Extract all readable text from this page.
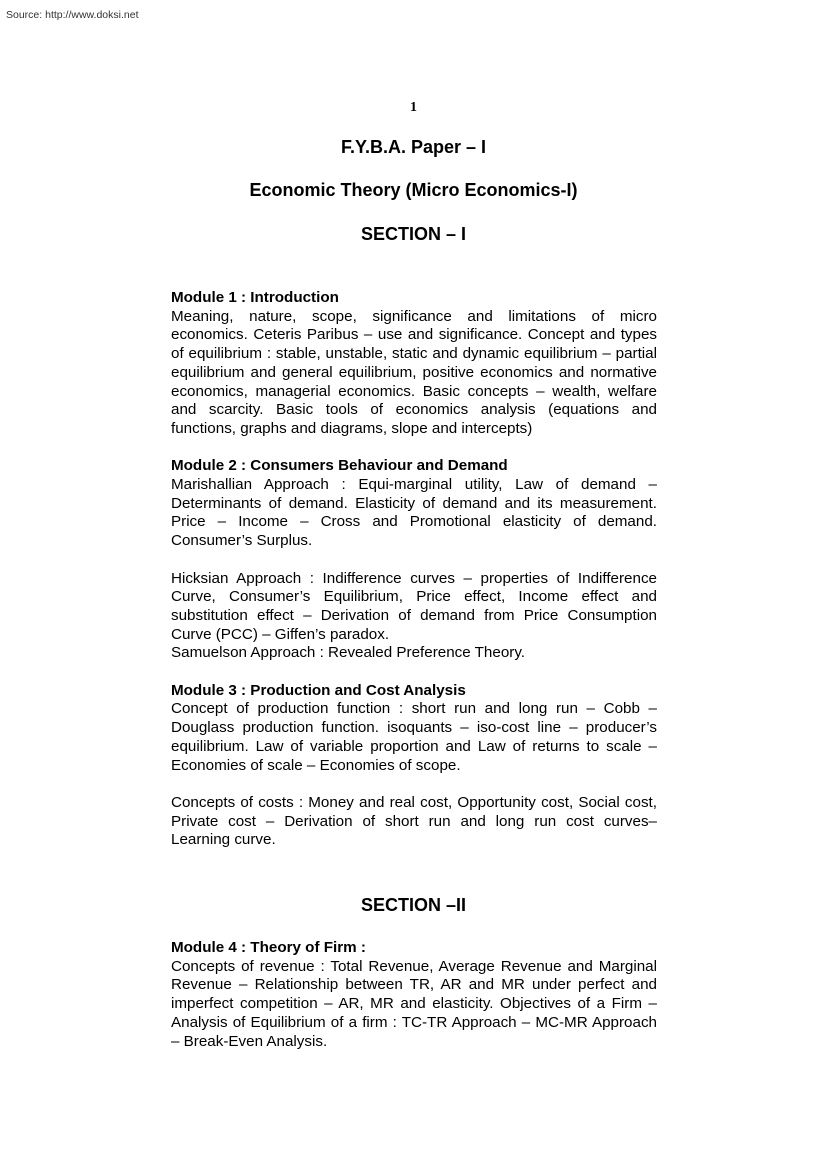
Source: http://www.doksi.net
1
F.Y.B.A. Paper – I
Economic Theory (Micro Economics-I)
SECTION – I

Module 1 : Introduction

Meaning, nature, scope, significance and limitations of micro economics. Ceteris Paribus – use and significance. Concept and types of equilibrium : stable, unstable, static and dynamic equilibrium – partial equilibrium and general equilibrium, positive economics and normative economics, managerial economics. Basic concepts – wealth, welfare and scarcity. Basic tools of economics analysis (equations and functions, graphs and diagrams, slope and intercepts)

Module 2 : Consumers Behaviour and Demand

Marishallian Approach : Equi-marginal utility, Law of demand – Determinants of demand. Elasticity of demand and its measurement. Price – Income – Cross and Promotional elasticity of demand. Consumer’s Surplus.

Hicksian Approach : Indifference curves – properties of Indifference Curve, Consumer’s Equilibrium, Price effect, Income effect and substitution effect – Derivation of demand from Price Consumption Curve (PCC) – Giffen’s paradox.

Samuelson Approach : Revealed Preference Theory.

Module 3 : Production and Cost Analysis

Concept of production function : short run and long run – Cobb – Douglass production function. isoquants – iso-cost line – producer’s equilibrium. Law of variable proportion and Law of returns to scale – Economies of scale – Economies of scope.

Concepts of costs : Money and real cost, Opportunity cost, Social cost, Private cost – Derivation of short run and long run cost curves– Learning curve.

SECTION –II

Module 4 : Theory of Firm :

Concepts of revenue : Total Revenue, Average Revenue and Marginal Revenue – Relationship between TR, AR and MR under perfect and imperfect competition – AR, MR and elasticity. Objectives of a Firm – Analysis of Equilibrium of a firm : TC-TR Approach – MC-MR Approach – Break-Even Analysis.
